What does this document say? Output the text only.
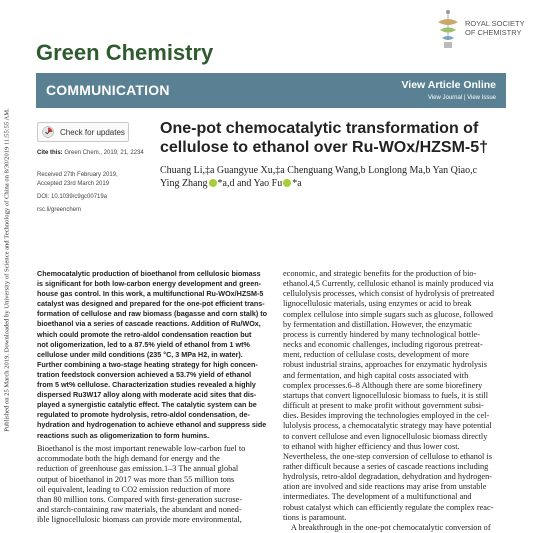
Published on 25 March 2019. Downloaded by University of Science and Technology of China on 8/30/2019 11:55:55 AM.
Green Chemistry
ROYAL SOCIETY
OF CHEMISTRY
COMMUNICATION	View Article Online
View Journal | View Issue
Check for updates
Cite this: Green Chem., 2019, 21, 2234
Received 27th February 2019,
Accepted 23rd March 2019
DOI: 10.1039/c9gc00719a
rsc.li/greenchem
One-pot chemocatalytic transformation of
cellulose to ethanol over Ru-WOx/HZSM-5†
Chuang Li,‡a Guangyue Xu,‡a Chenguang Wang,b Longlong Ma,b Yan Qiao,c
Ying Zhang *a,d and Yao Fu *a
Chemocatalytic production of bioethanol from cellulosic biomass
is significant for both low-carbon energy development and green-
house gas control. In this work, a multifunctional Ru-WOx/HZSM-5
catalyst was designed and prepared for the one-pot efficient trans-
formation of cellulose and raw biomass (bagasse and corn stalk) to
bioethanol via a series of cascade reactions. Addition of Ru/WOx,
which could promote the retro-aldol condensation reaction but
not oligomerization, led to a 87.5% yield of ethanol from 1 wt%
cellulose under mild conditions (235 °C, 3 MPa H2, in water).
Further combining a two-stage heating strategy for high concen-
tration feedstock conversion achieved a 53.7% yield of ethanol
from 5 wt% cellulose. Characterization studies revealed a highly
dispersed Ru3W17 alloy along with moderate acid sites that dis-
played a synergistic catalytic effect. The catalytic system can be
regulated to promote hydrolysis, retro-aldol condensation, de-
hydration and hydrogenation to achieve ethanol and suppress side
reactions such as oligomerization to form humins.
Bioethanol is the most important renewable low-carbon fuel to
accommodate both the high demand for energy and the
reduction of greenhouse gas emission.1–3 The annual global
output of bioethanol in 2017 was more than 55 million tons
oil equivalent, leading to CO2 emission reduction of more
than 80 million tons. Compared with first-generation sucrose-
and starch-containing raw materials, the abundant and noned-
ible lignocellulosic biomass can provide more environmental,
economic, and strategic benefits for the production of bio-
ethanol.4,5 Currently, cellulosic ethanol is mainly produced via
cellulolysis processes, which consist of hydrolysis of pretreated
lignocellulosic materials, using enzymes or acid to break
complex cellulose into simple sugars such as glucose, followed
by fermentation and distillation. However, the enzymatic
process is currently hindered by many technological bottle-
necks and economic challenges, including rigorous pretreat-
ment, reduction of cellulase costs, development of more
robust industrial strains, approaches for enzymatic hydrolysis
and fermentation, and high capital costs associated with
complex processes.6–8 Although there are some biorefinery
startups that convert lignocellulosic biomass to fuels, it is still
difficult at present to make profit without government subsi-
dies. Besides improving the technologies employed in the cel-
lulolysis process, a chemocatalytic strategy may have potential
to convert cellulose and even lignocellulosic biomass directly
to ethanol with higher efficiency and thus lower cost.
Nevertheless, the one-step conversion of cellulose to ethanol is
rather difficult because a series of cascade reactions including
hydrolysis, retro-aldol degradation, dehydration and hydrogen-
ation are involved and side reactions may arise from unstable
intermediates. The development of a multifunctional and
robust catalyst which can efficiently regulate the complex reac-
tions is paramount.
A breakthrough in the one-pot chemocatalytic conversion of
